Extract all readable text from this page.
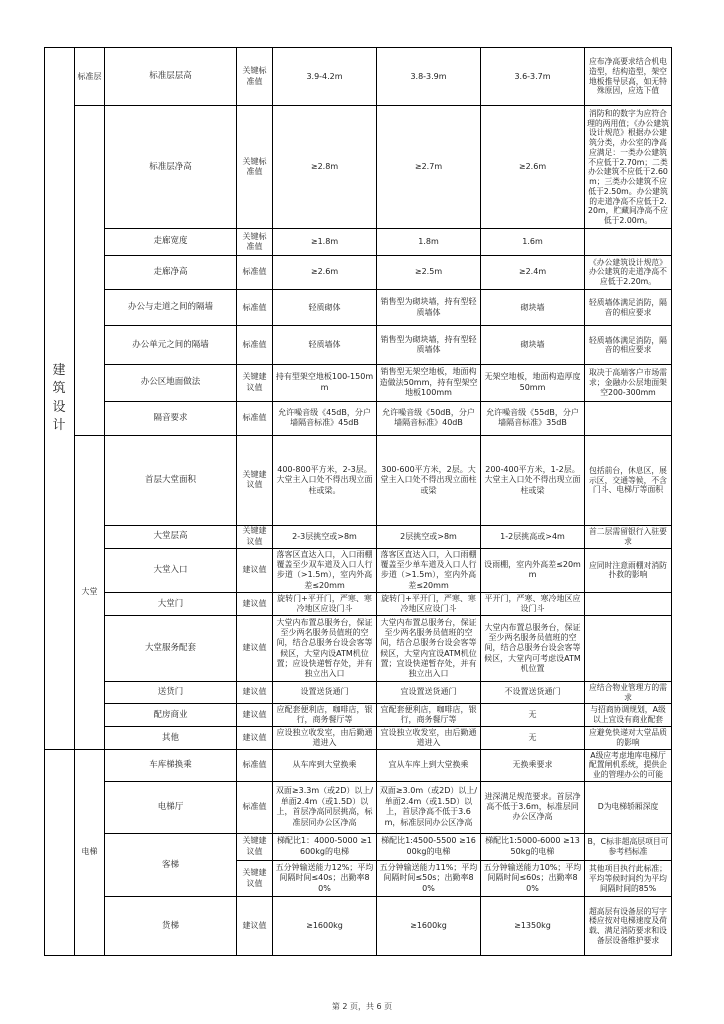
建筑设计	标准层	标准层层高	关键标准值	3.9-4.2m	3.8-3.9m	3.6-3.7m	应布净高要求结合机电造型，结构造型，架空地板推导层高，如无特殊原因，应选下值
		标准层净高	关键标准值	≥2.8m	≥2.7m	≥2.6m	消防和的数字为应符合理的两用值；《办公建筑设计规范》根据办公建筑分类，办公室的净高应满足：一类办公建筑不应低于2.70m；二类办公建筑不应低于2.60m；三类办公建筑不应低于2.50m。办公建筑的走道净高不应低于2.20m，贮藏间净高不应低于2.00m。
		走廊宽度	关键标准值	≥1.8m	1.8m	1.6m	
		走廊净高	标准值	≥2.6m	≥2.5m	≥2.4m	《办公建筑设计规范》办公建筑的走道净高不应低于2.20m。
		办公与走道之间的隔墙	标准值	轻质砌体	销售型为砌块墙，持有型轻质墙体	砌块墙	轻质墙体满足消防，隔音的相应要求
		办公单元之间的隔墙	标准值	轻质墙体	销售型为砌块墙，持有型轻质墙体	砌块墙	轻质墙体满足消防，隔音的相应要求
		办公区地面做法	关键建议值	持有型架空地板100-150mm	销售型无架空地板，地面构造做法50mm，持有型架空地板100mm	无架空地板，地面构造厚度50mm	取决于高端客户市场需求；金融办公层地面架空200-300mm
		隔音要求	标准值	允许噪音级《45dB，分户墙隔音标准》45dB	允许噪音级《50dB，分户墙隔音标准》40dB	允许噪音级《55dB，分户墙隔音标准》35dB	
	大堂	首层大堂面积	关键建议值	400-800平方米，2-3层。大堂主入口处不得出现立面柱或梁。	300-600平方米，2层。大堂主入口处不得出现立面柱或梁	200-400平方米，1-2层。大堂主入口处不得出现立面柱或梁	包括前台，休息区，展示区，交通等候，不含门斗、电梯厅等面积
		大堂层高	关键建议值	2-3层挑空或>8m	2层挑空或>8m	1-2层挑高或>4m	首二层需留银行入驻要求
		大堂入口	建议值	落客区直达入口，入口雨棚覆盖至少双车道及入口人行步道（>1.5m），室内外高差≤20mm	落客区直达入口，入口雨棚覆盖至少单车道及入口人行步道（>1.5m），室内外高差≤20mm	设雨棚，室内外高差≤20mm	应同时注意雨棚对消防扑救的影响
		大堂门	建议值	旋转门+平开门，严寒、寒冷地区应设门斗	旋转门+平开门，严寒、寒冷地区应设门斗	平开门，严寒、寒冷地区应设门斗	
		大堂服务配套	建议值	大堂内布置总服务台，保证至少两名服务员值班的空间，结合总服务台设会客等候区，大堂内设ATM机位置；应设快递暂存处，并有独立出入口	大堂内布置总服务台，保证至少两名服务员值班的空间，结合总服务台设会客等候区，大堂内宜设ATM机位置；宜设快递暂存处，并有独立出入口	大堂内布置总服务台，保证至少两名服务员值班的空间，结合总服务台设会客等候区，大堂内可考虑设ATM机位置	
		送货门	建议值	设置送货通门	宜设置送货通门	不设置送货通门	应结合物业管理方的需求
		配房商业	建议值	应配套便利店，咖啡店，银行，商务餐厅等	宜配套便利店，咖啡店，银行，商务餐厅等	无	与招商协调规划，A级以上宜设有商业配套
		其他	建议值	应设独立收发室，由后勤通道进入	宜设独立收发室，由后勤通道进入	无	应避免快递对大堂品质的影响
	电梯	车库梯换乘	标准值	从车库到大堂换乘	宜从车库上到大堂换乘	无换乘要求	A级应考虑地库电梯厅配置闸机系统，提供企业的管理办公的可能
		电梯厅	标准值	双面≥3.3m（或2D）以上/单面2.4m（或1.5D）以上，首层净高同层挑高，标准层同办公区净高	双面≥3.0m（或2D）以上/单面2.4m（或1.5D）以上，首层净高不低于3.6m，标准层同办公区净高	进深满足规范要求。首层净高不低于3.6m，标准层同办公区净高	D为电梯轿厢深度
		客梯	关键建议值	梯配比1：4000-5000 ≥1600kg的电梯	梯配比1:4500-5500 ≥1600kg的电梯	梯配比1:5000-6000 ≥1350kg的电梯	B，C标非超高层项目可参考档标准
			关键建议值	五分钟输送能力12%；平均间隔时间≤40s；出勤率80%	五分钟输送能力11%；平均间隔时间≤50s；出勤率80%	五分钟输送能力10%；平均间隔时间≤60s；出勤率80%	其他项目执行此标准；平均等候时间约为平均间隔时间的85%
		货梯	建议值	≥1600kg	≥1600kg	≥1350kg	超高层有设备层的写字楼应按对电梯速度及荷载、满足消防要求和设备层设备维护要求
第 2 页，共 6 页
